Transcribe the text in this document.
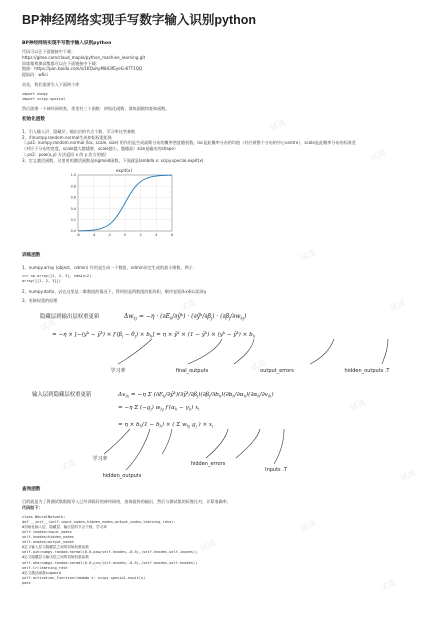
BP神经网络实现手写数字输入识别python
BP神经网络实现手写数字输入识别python

代码可以在下面链接中下载：

https://gitee.com/cloud_maple/python_machine_learning.git

训练集和测试集都可以在下面链接中下载：

链接：https://pan.baidu.com/s/1KQuhyM843fEyeG-87T1QQ

提取码：w6ci

首先，我们需要引入下面两个库

import numpy

import scipy.special

然后创建一个神经网络类，类里有三个函数：初始化函数、训练函数和查询函数。

初始化函数

1、引入输入层、隐藏层、输出层的节点个数、学习率这些参数

2、用numpy.random.normal生成初始权重矩阵

（.pa1: numpy.random.normal (loc, scale, size) 的作用是生成高斯分布的概率密度随机数，loc是此概率分布的均值（对应着整个分布的中心centre），scale是此概率分布的标准差

（对应于分布的宽度，scale越大越矮胖，scale越小，越瘦高）size是输出的shape）

（.ps2：pow(x,y) 方法返回 x 的 y 次方的值）

3、定义激活函数，这里用的激活函数是sigmoid函数，下面就是lambda x: scipy.special.expit(x)

expit(x)
-6	-4	-2	0	2	4	6
0.0
0.2
0.4
0.6
0.8
1.0
训练函数

1、numpy.array (object，ndmin) 作用是生成一个数组，ndmin决定生成的最小维数，例子：

>>> np.array([1, 2, 3], ndmin=2)

array([[1, 2, 3]])

2、numpy.dot(x，y)在这里是二维数组的情况下，得到的是两数组的矩阵积，顺序是矩阵x乘以矩阵y

3、更新权重的原理

隐藏层到输出层权重更新	$\Delta w_{kj} = -\eta$ · $(\partial E_k/\partial ŷ^k)$ · $(\partial ŷ^k/\partial\beta_j) \cdot (\partial\beta_j/\partial w_{kj})$
= $-\eta \times [-(y^k$ − $ŷ^k) \times f'(\beta_j - \theta_j) \times b_h] = \eta$ × $ŷ^k \times (1$ − $ŷ^k) \times (y^k$ − $ŷ^k) \times b_h$
学习率	final_outputs	output_errors	hidden_outputs .T
输入层到隐藏层权重更新	$\Delta v_{ih} = -\eta$ Σ $(\partial E_k/\partial ŷ^k)(\partial ŷ^k/\partial\beta_j)(\partial\beta_j/\partial b_h)(\partial b_h/\partial\alpha_h)(\partial\alpha_h/\partial v_{ih})$
= −η Σ $(-g_j)$ $w_{hj}$ $f'(\alpha_h - \gamma_h)$ $x_i$
= $\eta \times b_h(1 - b_h)$ × ( Σ $w_{hj}$ $g_j$ ) × $x_i$
学习率
hidden_outputs
hidden_errors
Inputs .T
查询函数

目的就是为了将测试集数据导入已经训练好的神经网络，查询最终的输出，然后与测试集的标签比对，计算准确率。

代码如下：

class NeuralNetwork:

def __init__(self,input_nodes,hidden_nodes,output_nodes,learning_rate):

#初始化输入层、隐藏层、输出层的节点个数、学习率

self.inodes=input_nodes

self.hnodes=hidden_nodes

self.onodes=output_nodes

#定义输入层与隐藏层之间的初始权重参数

self.wih=numpy.random.normal(0.0,pow(self.hnodes,-0.5),(self.hnodes,self.inodes))

#定义隐藏层与输出层之间的初始权重参数

self.who=numpy.random.normal(0.0,pow(self.onodes,-0.5),(self.onodes,self.hnodes))

self.lr=learning_rate

#定义激活函数sigmoid

self.activation_function=lambda x: scipy.special.expit(x)

pass

试读
试读
试读
试读
试读
试读
试读
试读
试读
试读
试读
试读
试读
试读
